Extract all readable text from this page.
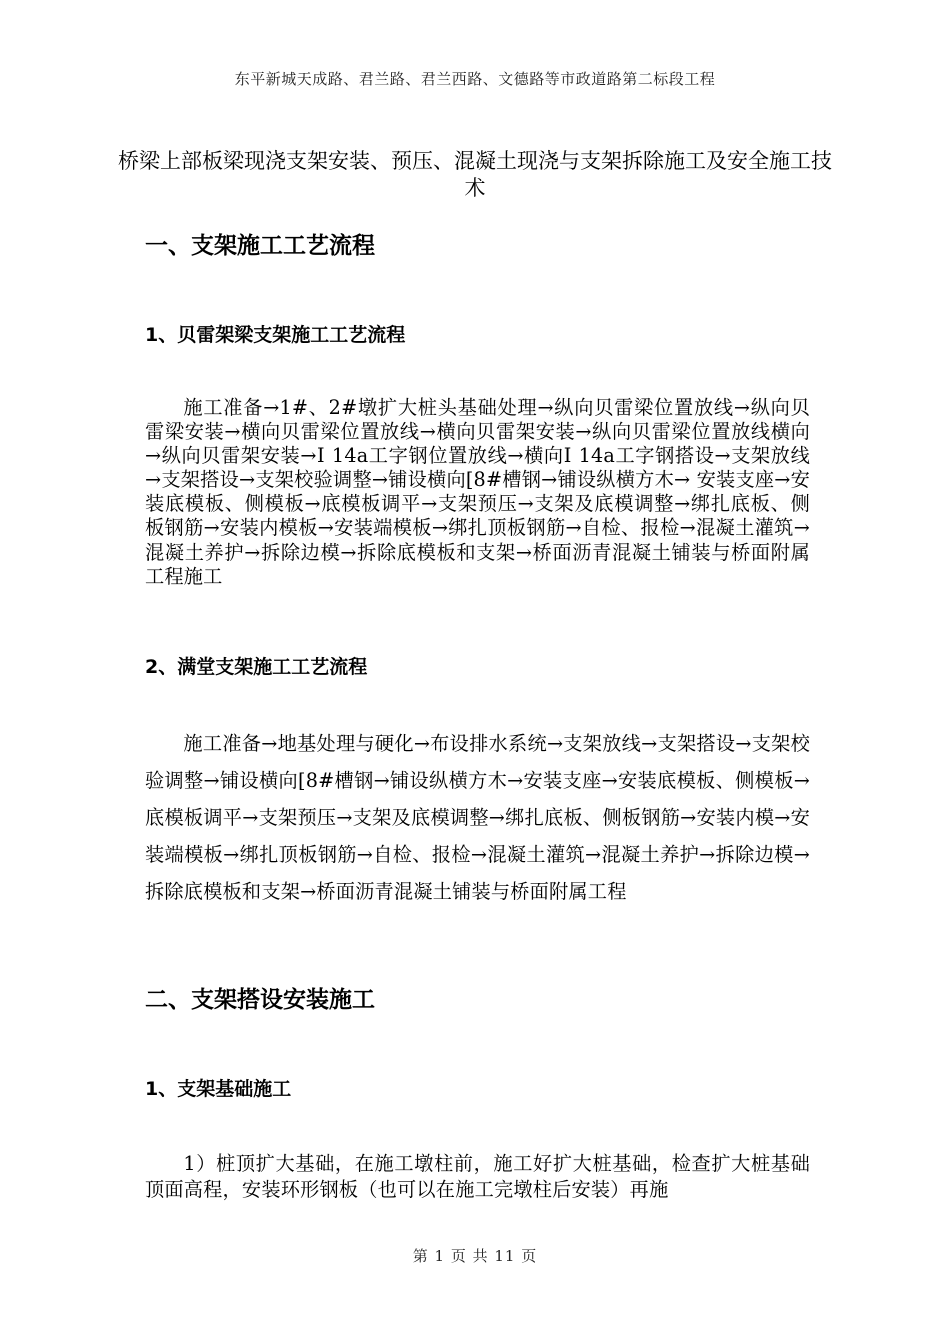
东平新城天成路、君兰路、君兰西路、文德路等市政道路第二标段工程
桥梁上部板梁现浇支架安装、预压、混凝土现浇与支架拆除施工及安全施工技术
一、支架施工工艺流程
1、贝雷架梁支架施工工艺流程
施工准备→1#、2#墩扩大桩头基础处理→纵向贝雷梁位置放线→纵向贝雷梁安装→横向贝雷梁位置放线→横向贝雷架安装→纵向贝雷梁位置放线横向→纵向贝雷架安装→Ⅰ 14a工字钢位置放线→横向Ⅰ 14a工字钢搭设→支架放线→支架搭设→支架校验调整→铺设横向[8#槽钢→铺设纵横方木→ 安装支座→安装底模板、侧模板→底模板调平→支架预压→支架及底模调整→绑扎底板、侧板钢筋→安装内模板→安装端模板→绑扎顶板钢筋→自检、报检→混凝土灌筑→混凝土养护→拆除边模→拆除底模板和支架→桥面沥青混凝土铺装与桥面附属工程施工
2、满堂支架施工工艺流程
施工准备→地基处理与硬化→布设排水系统→支架放线→支架搭设→支架校验调整→铺设横向[8#槽钢→铺设纵横方木→安装支座→安装底模板、侧模板→底模板调平→支架预压→支架及底模调整→绑扎底板、侧板钢筋→安装内模→安装端模板→绑扎顶板钢筋→自检、报检→混凝土灌筑→混凝土养护→拆除边模→拆除底模板和支架→桥面沥青混凝土铺装与桥面附属工程
二、支架搭设安装施工
1、支架基础施工
1）桩顶扩大基础，在施工墩柱前，施工好扩大桩基础，检查扩大桩基础顶面高程，安装环形钢板（也可以在施工完墩柱后安装）再施
第 1 页 共 11 页
